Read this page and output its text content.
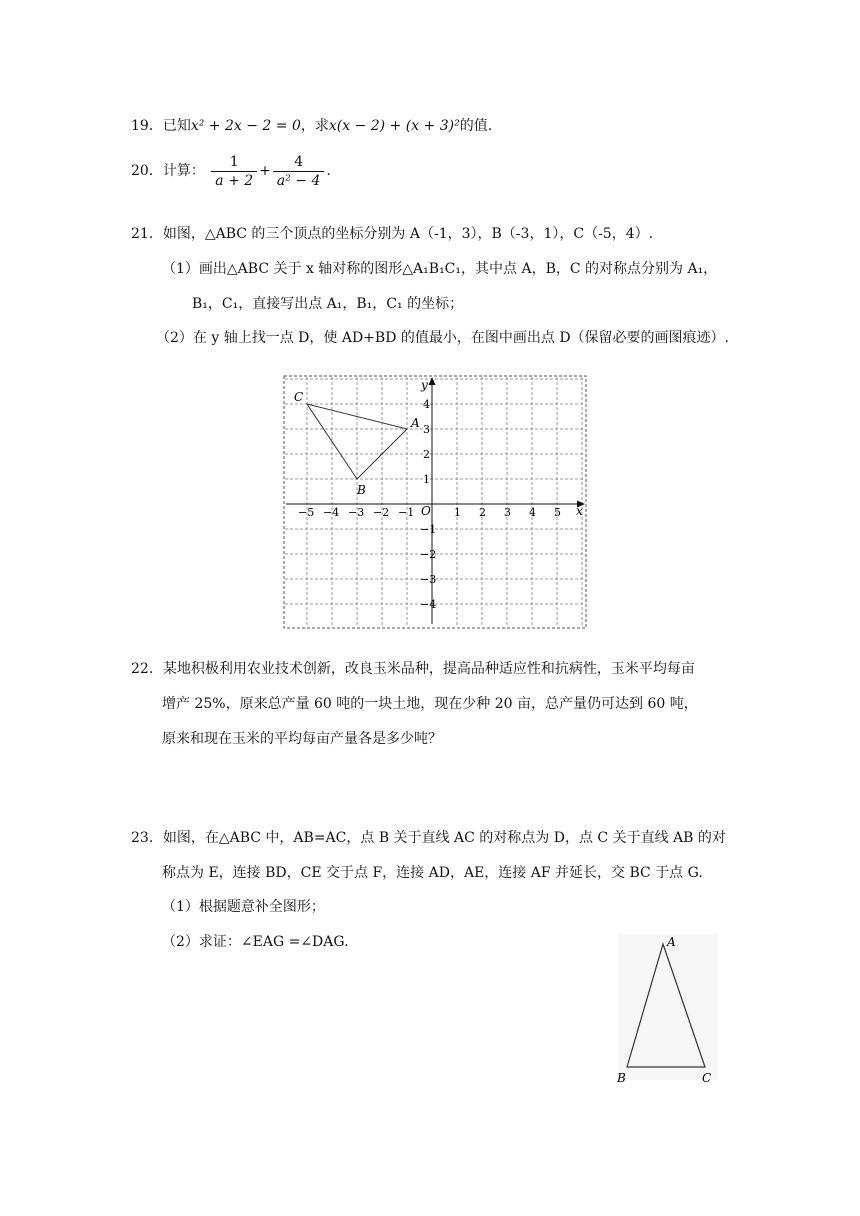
19．已知x² + 2x − 2 = 0，求x(x − 2) + (x + 3)²的值.
20．计算： $\frac{1}{a + 2} + \frac{4}{\text{a² − 4}}$ .
21．如图，△ABC 的三个顶点的坐标分别为 A（-1，3），B（-3，1），C（-5，4）.
（1）画出△ABC 关于 x 轴对称的图形△A₁B₁C₁，其中点 A，B，C 的对称点分别为 A₁，
B₁，C₁，直接写出点 A₁，B₁，C₁ 的坐标；
（2）在 y 轴上找一点 D，使 AD+BD 的值最小，在图中画出点 D（保留必要的画图痕迹）.
x
y
O
−5 −4 −3 −2 −1	1 2 3 4 5
4
3
2
1
−1
−2
−3
−4
A
B
C
22．某地积极利用农业技术创新，改良玉米品种，提高品种适应性和抗病性，玉米平均每亩
增产 25%，原来总产量 60 吨的一块土地，现在少种 20 亩，总产量仍可达到 60 吨，
原来和现在玉米的平均每亩产量各是多少吨？
23．如图，在△ABC 中，AB=AC，点 B 关于直线 AC 的对称点为 D，点 C 关于直线 AB 的对
称点为 E，连接 BD，CE 交于点 F，连接 AD，AE，连接 AF 并延长，交 BC 于点 G.
（1）根据题意补全图形；
（2）求证：∠EAG =∠DAG.	A
B	C
